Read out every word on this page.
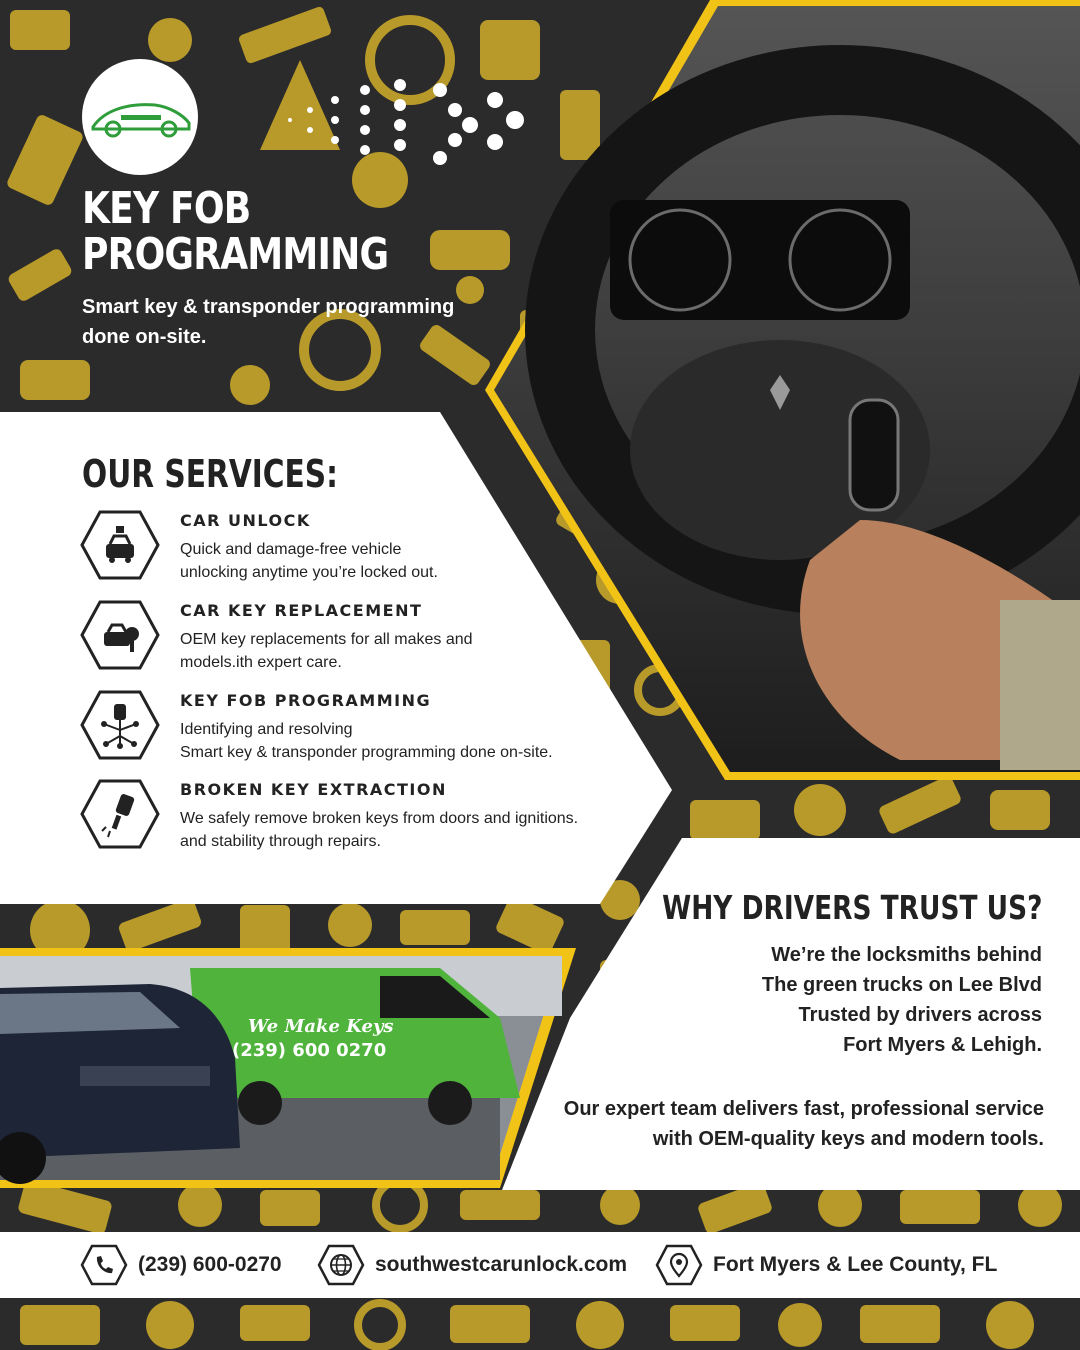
KEY FOB
PROGRAMMING
Smart key & transponder programming done on-site.
OUR SERVICES:
CAR UNLOCK
Quick and damage-free vehicle
unlocking anytime you’re locked out.
CAR KEY REPLACEMENT
OEM key replacements for all makes and
models.ith expert care.
KEY FOB PROGRAMMING
Identifying and resolving
Smart key & transponder programming done on-site.
BROKEN KEY EXTRACTION
We safely remove broken keys from doors and ignitions.
and stability through repairs.
WHY DRIVERS TRUST US?
We’re the locksmiths behind
The green trucks on Lee Blvd
Trusted by drivers across
Fort Myers & Lehigh.
Our expert team delivers fast, professional service
with OEM-quality keys and modern tools.
We Make Keys
(239) 600 0270
(239) 600-0270	southwestcarunlock.com	Fort Myers & Lee County, FL
